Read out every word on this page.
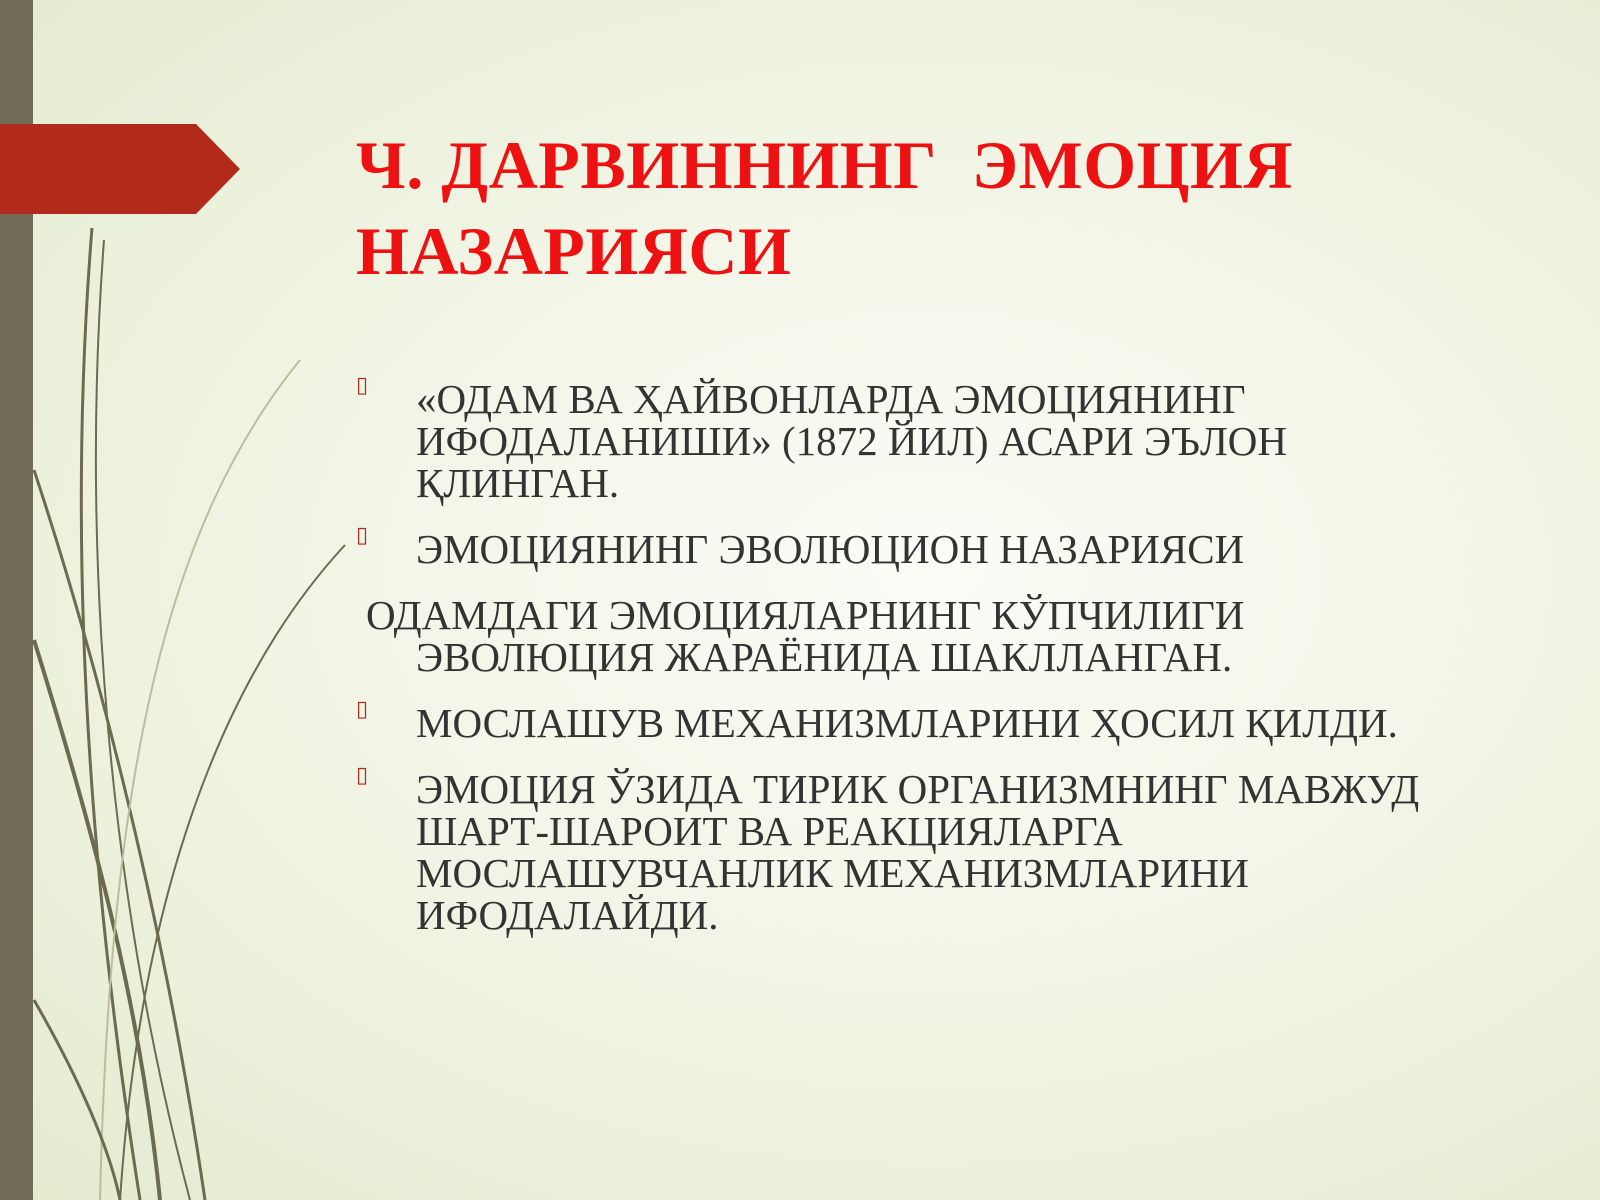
Ч. ДАРВИННИНГ  ЭМОЦИЯ НАЗАРИЯСИ
▯ «ОДАМ ВА ҲАЙВОНЛАРДА ЭМОЦИЯНИНГ ИФОДАЛАНИШИ» (1872 ЙИЛ) АСАРИ ЭЪЛОН ҚЛИНГАН.
▯ ЭМОЦИЯНИНГ ЭВОЛЮЦИОН НАЗАРИЯСИ
ОДАМДАГИ ЭМОЦИЯЛАРНИНГ КЎПЧИЛИГИ ЭВОЛЮЦИЯ ЖАРАЁНИДА ШАКЛЛАНГАН.
▯ МОСЛАШУВ МЕХАНИЗМЛАРИНИ ҲОСИЛ ҚИЛДИ.
▯ ЭМОЦИЯ ЎЗИДА ТИРИК ОРГАНИЗМНИНГ МАВЖУД ШАРТ-ШАРОИТ ВА РЕАКЦИЯЛАРГА МОСЛАШУВЧАНЛИК МЕХАНИЗМЛАРИНИ ИФОДАЛАЙДИ.
